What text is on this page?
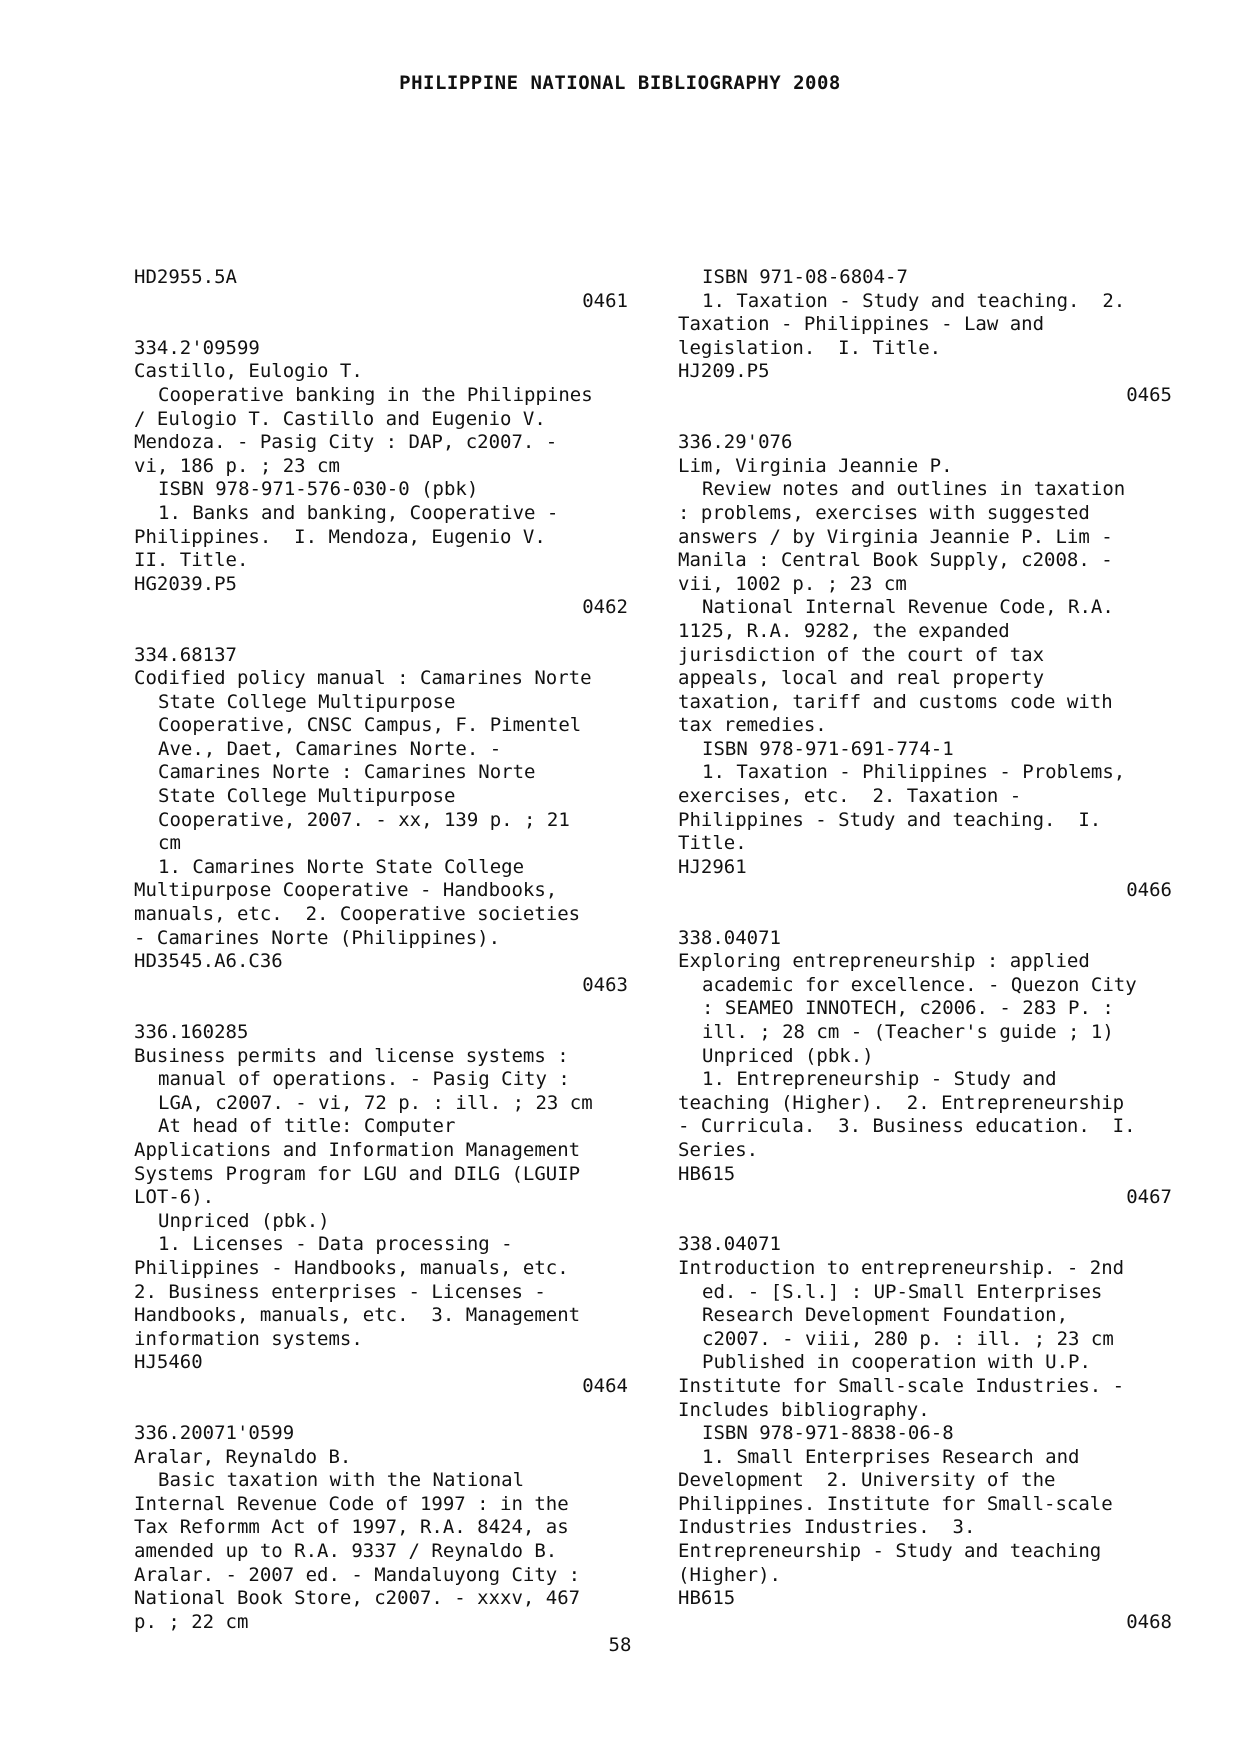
PHILIPPINE NATIONAL BIBLIOGRAPHY 2008
HD2955.5A
0461
334.2'09599
Castillo, Eulogio T.
Cooperative banking in the Philippines
/ Eulogio T. Castillo and Eugenio V.
Mendoza. - Pasig City : DAP, c2007. -
vi, 186 p. ; 23 cm
ISBN 978-971-576-030-0 (pbk)
1. Banks and banking, Cooperative -
Philippines.  I. Mendoza, Eugenio V.
II. Title.
HG2039.P5
0462
334.68137
Codified policy manual : Camarines Norte
State College Multipurpose
Cooperative, CNSC Campus, F. Pimentel
Ave., Daet, Camarines Norte. -
Camarines Norte : Camarines Norte
State College Multipurpose
Cooperative, 2007. - xx, 139 p. ; 21
cm
1. Camarines Norte State College
Multipurpose Cooperative - Handbooks,
manuals, etc.  2. Cooperative societies
- Camarines Norte (Philippines).
HD3545.A6.C36
0463
336.160285
Business permits and license systems :
manual of operations. - Pasig City :
LGA, c2007. - vi, 72 p. : ill. ; 23 cm
At head of title: Computer
Applications and Information Management
Systems Program for LGU and DILG (LGUIP
LOT-6).
Unpriced (pbk.)
1. Licenses - Data processing -
Philippines - Handbooks, manuals, etc.
2. Business enterprises - Licenses -
Handbooks, manuals, etc.  3. Management
information systems.
HJ5460
0464
336.20071'0599
Aralar, Reynaldo B.
Basic taxation with the National
Internal Revenue Code of 1997 : in the
Tax Reformm Act of 1997, R.A. 8424, as
amended up to R.A. 9337 / Reynaldo B.
Aralar. - 2007 ed. - Mandaluyong City :
National Book Store, c2007. - xxxv, 467
p. ; 22 cm
ISBN 971-08-6804-7
1. Taxation - Study and teaching.  2.
Taxation - Philippines - Law and
legislation.  I. Title.
HJ209.P5
0465
336.29'076
Lim, Virginia Jeannie P.
Review notes and outlines in taxation
: problems, exercises with suggested
answers / by Virginia Jeannie P. Lim -
Manila : Central Book Supply, c2008. -
vii, 1002 p. ; 23 cm
National Internal Revenue Code, R.A.
1125, R.A. 9282, the expanded
jurisdiction of the court of tax
appeals, local and real property
taxation, tariff and customs code with
tax remedies.
ISBN 978-971-691-774-1
1. Taxation - Philippines - Problems,
exercises, etc.  2. Taxation -
Philippines - Study and teaching.  I.
Title.
HJ2961
0466
338.04071
Exploring entrepreneurship : applied
academic for excellence. - Quezon City
: SEAMEO INNOTECH, c2006. - 283 P. :
ill. ; 28 cm - (Teacher's guide ; 1)
Unpriced (pbk.)
1. Entrepreneurship - Study and
teaching (Higher).  2. Entrepreneurship
- Curricula.  3. Business education.  I.
Series.
HB615
0467
338.04071
Introduction to entrepreneurship. - 2nd
ed. - [S.l.] : UP-Small Enterprises
Research Development Foundation,
c2007. - viii, 280 p. : ill. ; 23 cm
Published in cooperation with U.P.
Institute for Small-scale Industries. -
Includes bibliography.
ISBN 978-971-8838-06-8
1. Small Enterprises Research and
Development  2. University of the
Philippines. Institute for Small-scale
Industries Industries.  3.
Entrepreneurship - Study and teaching
(Higher).
HB615
0468
58
